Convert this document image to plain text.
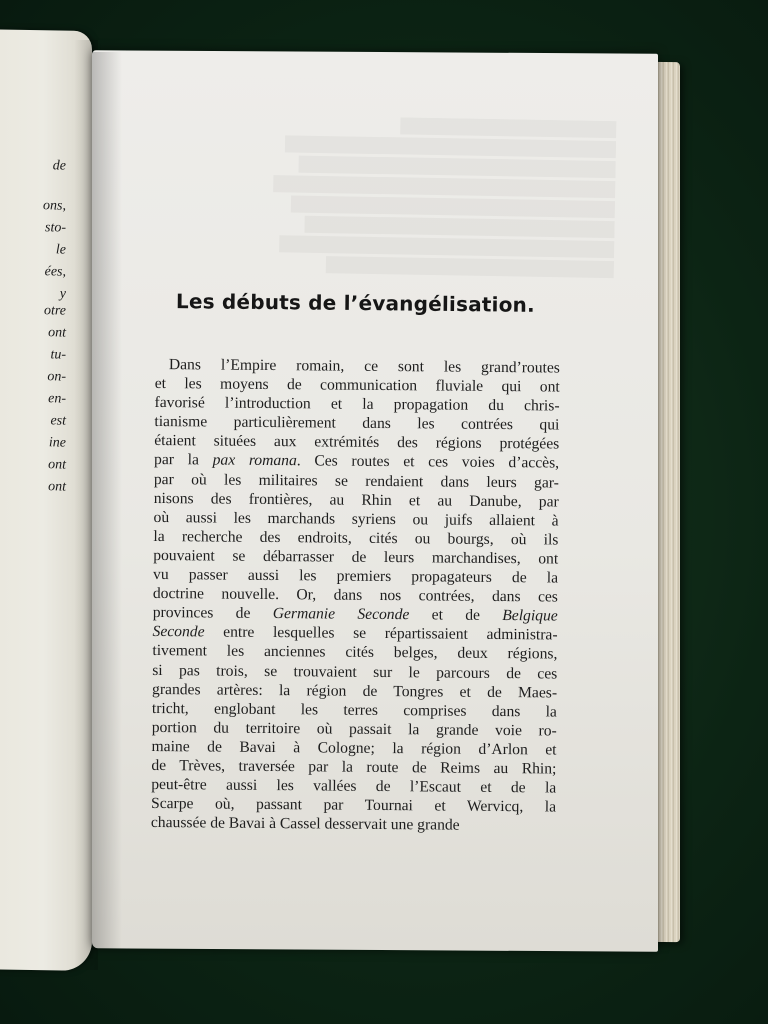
de
ons,
sto-
le
ées,
y
otre
ont
tu-
on-
en-
est
ine
ont
ont
Les débuts de l’évangélisation.
Dans l’Empire romain, ce sont les grand’routes
et les moyens de communication fluviale qui ont
favorisé l’introduction et la propagation du chris-
tianisme particulièrement dans les contrées qui
étaient situées aux extrémités des régions protégées
par la pax romana. Ces routes et ces voies d’accès,
par où les militaires se rendaient dans leurs gar-
nisons des frontières, au Rhin et au Danube, par
où aussi les marchands syriens ou juifs allaient à
la recherche des endroits, cités ou bourgs, où ils
pouvaient se débarrasser de leurs marchandises, ont
vu passer aussi les premiers propagateurs de la
doctrine nouvelle. Or, dans nos contrées, dans ces
provinces de Germanie Seconde et de Belgique
Seconde entre lesquelles se répartissaient administra-
tivement les anciennes cités belges, deux régions,
si pas trois, se trouvaient sur le parcours de ces
grandes artères: la région de Tongres et de Maes-
tricht, englobant les terres comprises dans la
portion du territoire où passait la grande voie ro-
maine de Bavai à Cologne; la région d’Arlon et
de Trèves, traversée par la route de Reims au Rhin;
peut-être aussi les vallées de l’Escaut et de la
Scarpe où, passant par Tournai et Wervicq, la
chaussée de Bavai à Cassel desservait une grande
